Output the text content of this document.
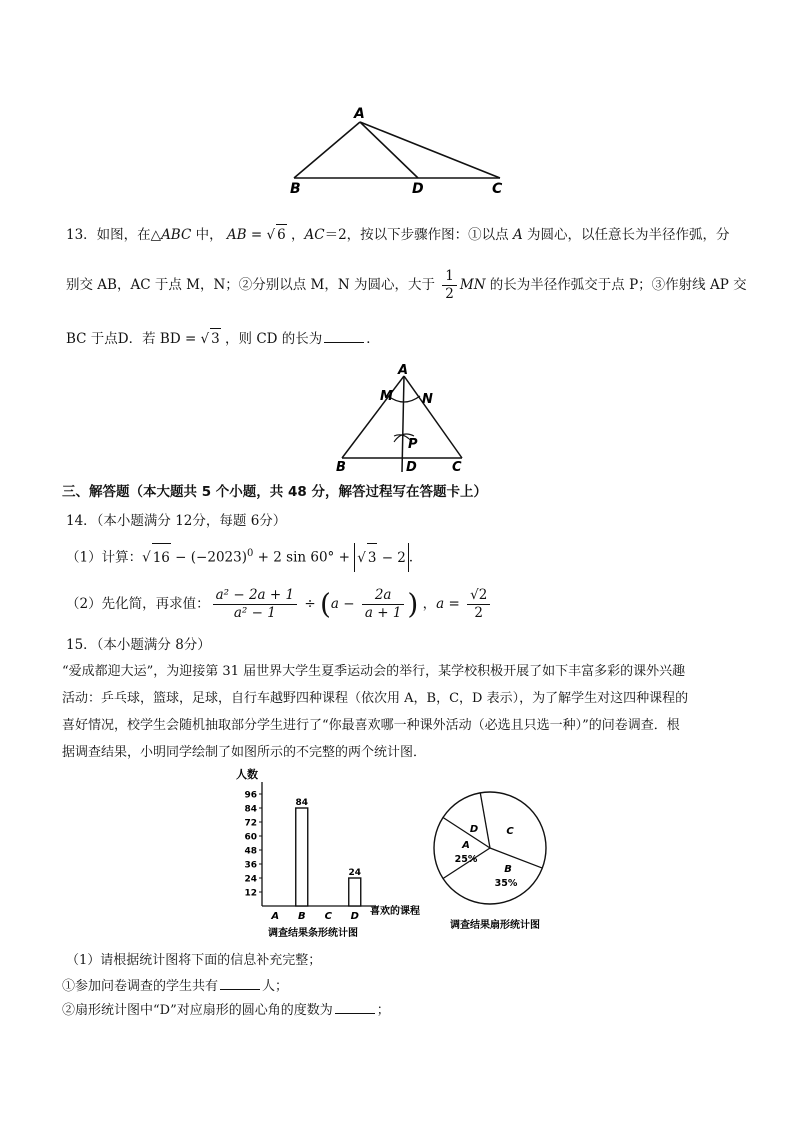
A
B	D	C
13．如图，在△ABC 中， AB = √ 6 ，AC＝2，按以下步骤作图：①以点 A 为圆心，以任意长为半径作弧，分
别交 AB，AC 于点 M，N；②分别以点 M，N 为圆心，大于 $\frac{1}{2}$ MN 的长为半径作弧交于点 P；③作射线 AP 交
BC 于点D．若 BD = √ 3 ，则 CD 的长为	．
A
M N
P
B	D	C
三、解答题（本大题共 5 个小题，共 48 分，解答过程写在答题卡上）
14．（本小题满分 12分，每题 6分）
（1）计算：√ $16 - (-2023)^0 + 2$ sin 60° + √ 3 − 2 ．
（2）先化简，再求值： $\frac{\text{a² − 2a + 1}}{\text{a² − 1}} \div (a - \frac{2a}{a + 1}$ ) ，$a = \frac{√2}{2}$
15．（本小题满分 8分）
“爱成都迎大运”，为迎接第 31 届世界大学生夏季运动会的举行，某学校积极开展了如下丰富多彩的课外兴趣
活动：乒乓球，篮球，足球，自行车越野四种课程（依次用 A，B，C，D 表示），为了解学生对这四种课程的
喜好情况，校学生会随机抽取部分学生进行了“你最喜欢哪一种课外活动（必选且只选一种）”的问卷调查．根
据调查结果，小明同学绘制了如图所示的不完整的两个统计图．
人数
喜欢的课程
调查结果条形统计图
12
24
36
48
60
72
84
96
A B
84
C D
24
调查结果扇形统计图
A
25%
B
35%
C
D
（1）请根据统计图将下面的信息补充完整；
①参加问卷调查的学生共有	人；
②扇形统计图中“D”对应扇形的圆心角的度数为	；
